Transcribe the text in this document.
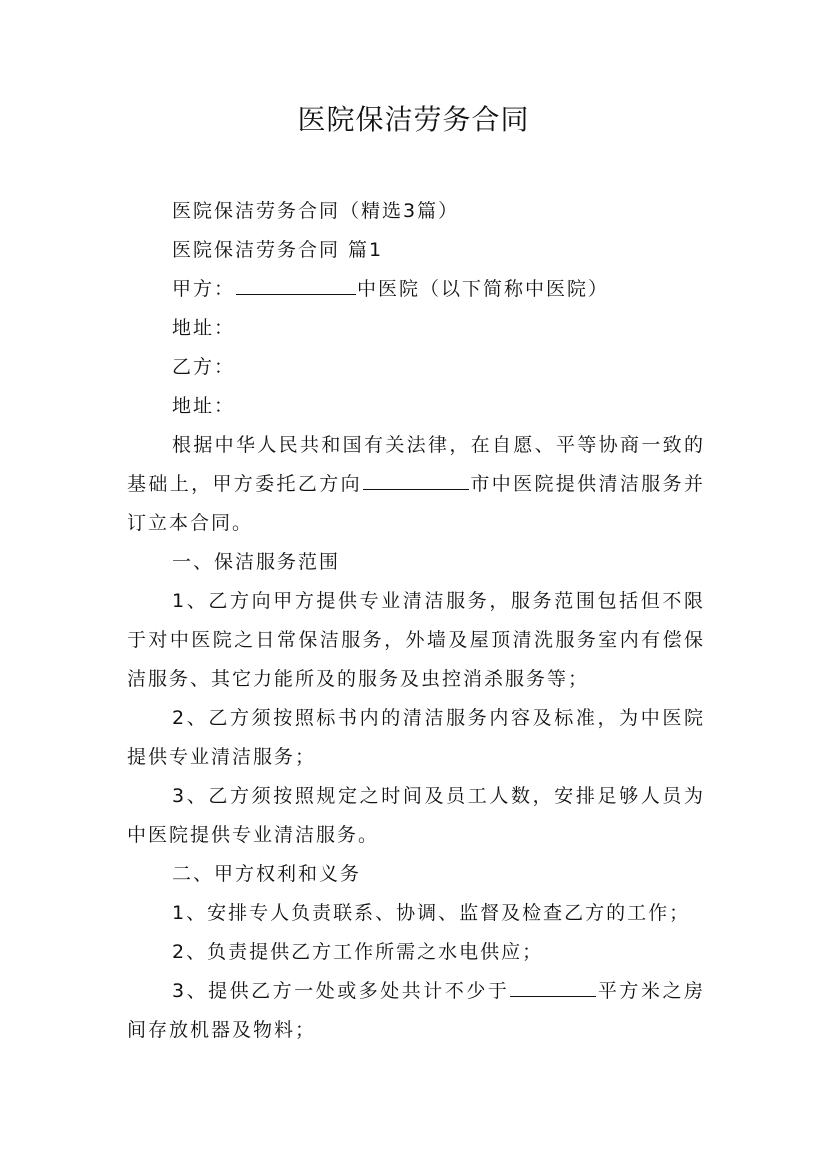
医院保洁劳务合同

医院保洁劳务合同（精选3篇）

医院保洁劳务合同 篇1

甲方：	中医院（以下简称中医院）

地址：

乙方：

地址：

根据中华人民共和国有关法律，在自愿、平等协商一致的基础上，甲方委托乙方向	市中医院提供清洁服务并订立本合同。

一、保洁服务范围

1、乙方向甲方提供专业清洁服务，服务范围包括但不限于对中医院之日常保洁服务，外墙及屋顶清洗服务室内有偿保洁服务、其它力能所及的服务及虫控消杀服务等；

2、乙方须按照标书内的清洁服务内容及标准，为中医院提供专业清洁服务；

3、乙方须按照规定之时间及员工人数，安排足够人员为中医院提供专业清洁服务。

二、甲方权利和义务

1、安排专人负责联系、协调、监督及检查乙方的工作；

2、负责提供乙方工作所需之水电供应；

3、提供乙方一处或多处共计不少于	平方米之房间存放机器及物料；
